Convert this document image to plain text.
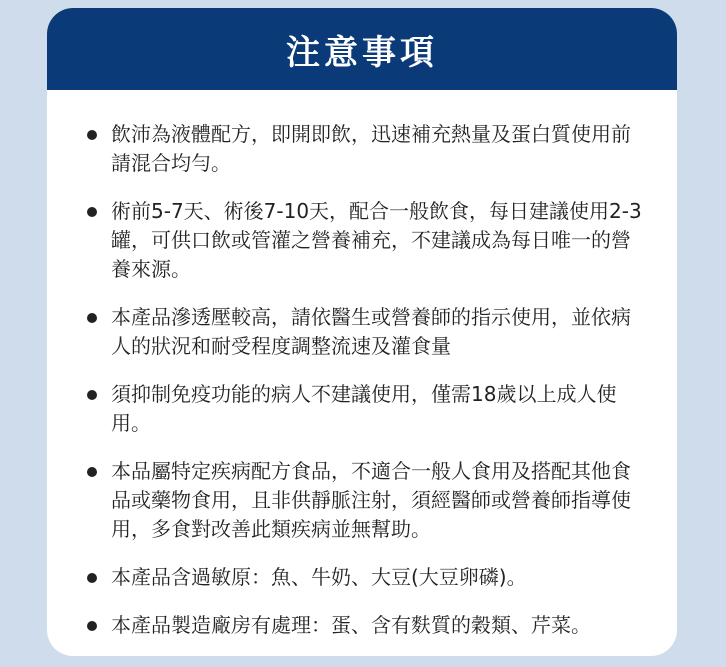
注意事項
飲沛為液體配方，即開即飲，迅速補充熱量及蛋白質使用前請混合均勻。
術前5-7天、術後7-10天，配合一般飲食，每日建議使用2-3罐，可供口飲或管灌之營養補充，不建議成為每日唯一的營養來源。
本產品滲透壓較高，請依醫生或營養師的指示使用，並依病人的狀況和耐受程度調整流速及灌食量
須抑制免疫功能的病人不建議使用，僅需18歲以上成人使用。
本品屬特定疾病配方食品，不適合一般人食用及搭配其他食品或藥物食用，且非供靜脈注射，須經醫師或營養師指導使用，多食對改善此類疾病並無幫助。
本產品含過敏原：魚、牛奶、大豆(大豆卵磷)。
本產品製造廠房有處理：蛋、含有麩質的穀類、芹菜。
